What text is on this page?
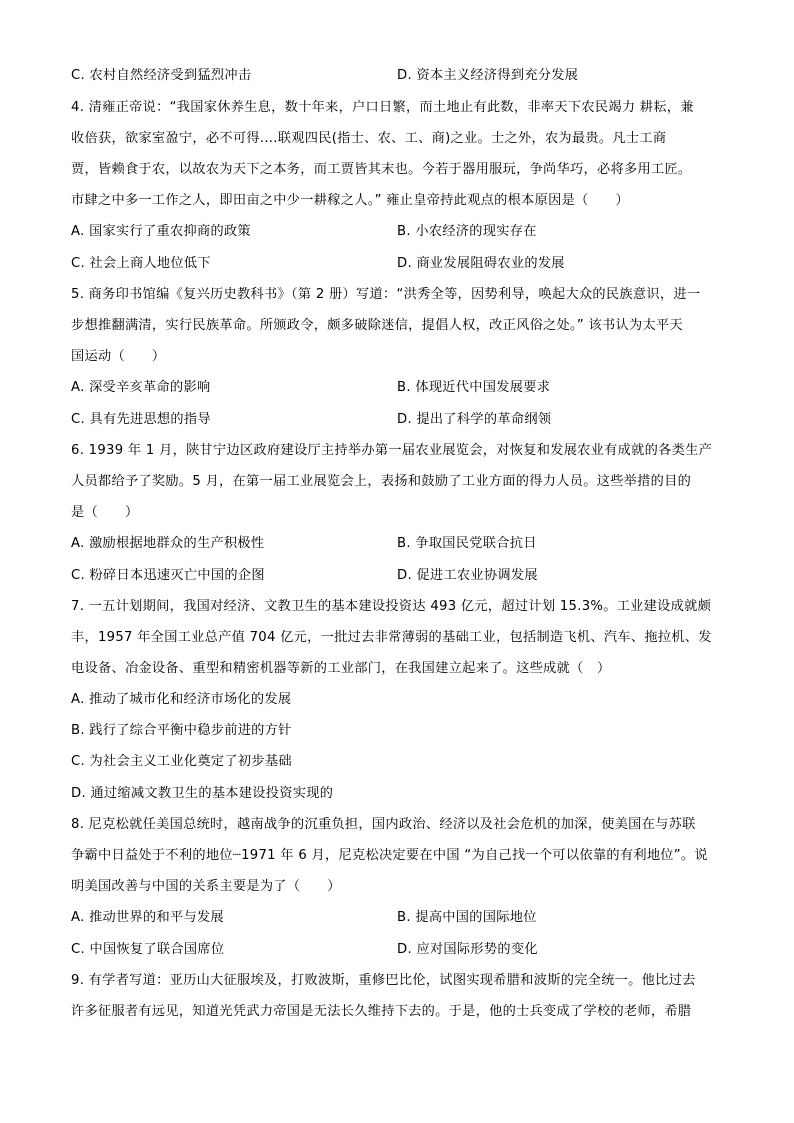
C. 农村自然经济受到猛烈冲击	D. 资本主义经济得到充分发展
4. 清雍正帝说：“我国家休养生息，数十年来，户口日繁，而土地止有此数，非率天下农民竭力 耕耘，兼
收倍获，欲家室盈宁，必不可得....联观四民(指士、农、工、商)之业。士之外，农为最贵。凡士工商
贾，皆赖食于农，以故农为天下之本务，而工贾皆其末也。今若于器用服玩，争尚华巧，必将多用工匠。
市肆之中多一工作之人，即田亩之中少一耕稼之人。” 雍止皇帝持此观点的根本原因是（　　）
A. 国家实行了重农抑商的政策	B. 小农经济的现实存在
C. 社会上商人地位低下	D. 商业发展阻碍农业的发展
5. 商务印书馆编《复兴历史教科书》（第 2 册）写道：“洪秀全等，因势利导，唤起大众的民族意识，进一
步想推翻满清，实行民族革命。所颁政令，颇多破除迷信，提倡人权，改正风俗之处。” 该书认为太平天
国运动（　　）
A. 深受辛亥革命的影响	B. 体现近代中国发展要求
C. 具有先进思想的指导	D. 提出了科学的革命纲领
6. 1939 年 1 月，陕甘宁边区政府建设厅主持举办第一届农业展览会，对恢复和发展农业有成就的各类生产
人员都给予了奖励。5 月，在第一届工业展览会上，表扬和鼓励了工业方面的得力人员。这些举措的目的
是（　　）
A. 激励根据地群众的生产积极性	B. 争取国民党联合抗日
C. 粉碎日本迅速灭亡中国的企图	D. 促进工农业协调发展
7. 一五计划期间，我国对经济、文教卫生的基本建设投资达 493 亿元，超过计划 15.3%。工业建设成就颇
丰，1957 年全国工业总产值 704 亿元，一批过去非常薄弱的基础工业，包括制造飞机、汽车、拖拉机、发
电设备、冶金设备、重型和精密机器等新的工业部门，在我国建立起来了。这些成就（　）
A. 推动了城市化和经济市场化的发展
B. 践行了综合平衡中稳步前进的方针
C. 为社会主义工业化奠定了初步基础
D. 通过缩减文教卫生的基本建设投资实现的
8. 尼克松就任美国总统时，越南战争的沉重负担，国内政治、经济以及社会危机的加深，使美国在与苏联
争霸中日益处于不利的地位┈1971 年 6 月，尼克松决定要在中国 “为自己找一个可以依靠的有利地位”。说
明美国改善与中国的关系主要是为了（　　）
A. 推动世界的和平与发展	B. 提高中国的国际地位
C. 中国恢复了联合国席位	D. 应对国际形势的变化
9. 有学者写道：亚历山大征服埃及，打败波斯，重修巴比伦，试图实现希腊和波斯的完全统一。他比过去
许多征服者有远见，知道光凭武力帝国是无法长久维持下去的。于是，他的士兵变成了学校的老师，希腊
